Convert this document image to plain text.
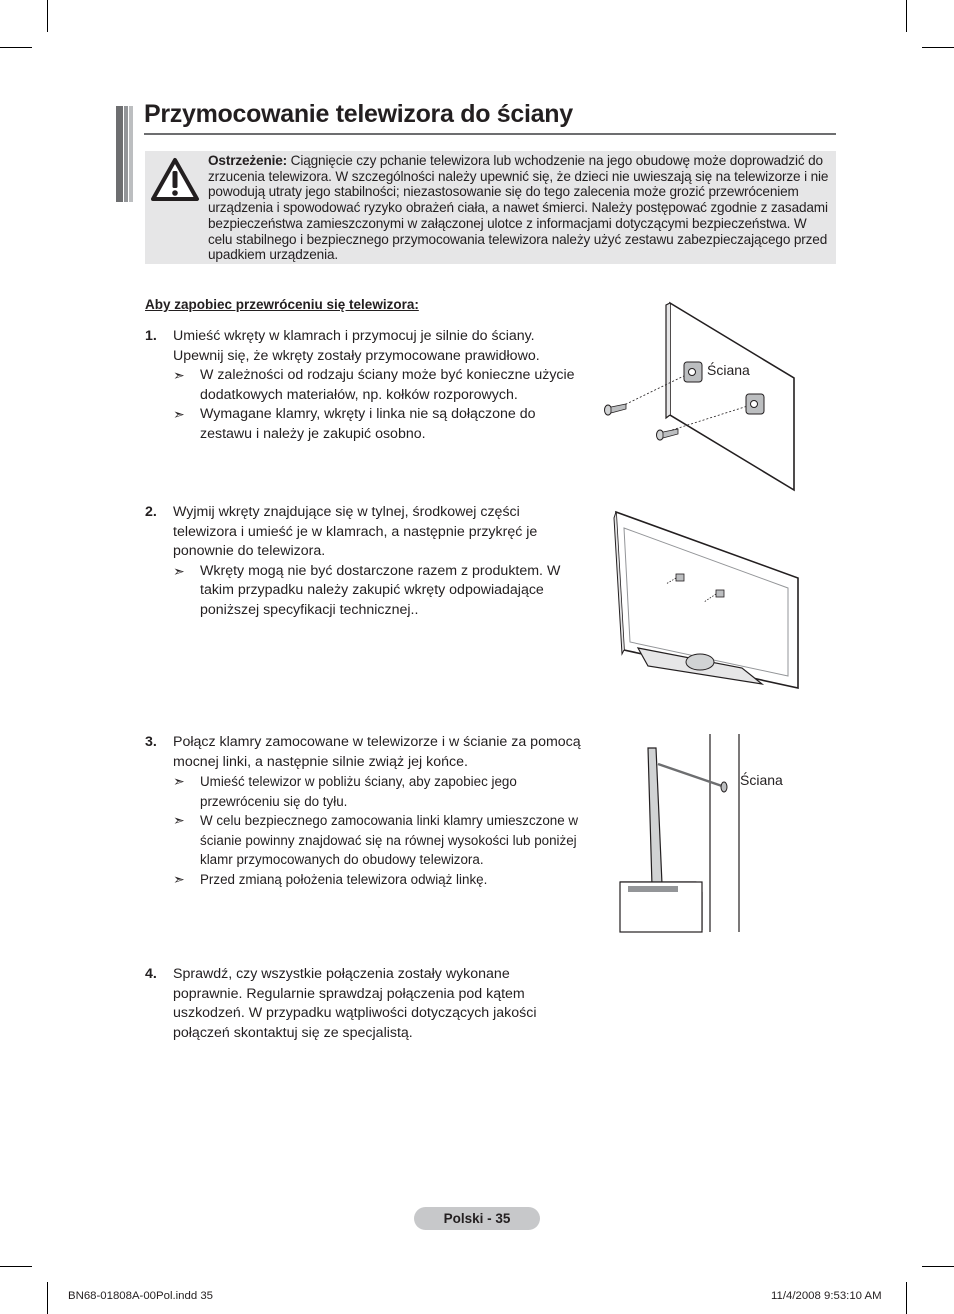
Przymocowanie telewizora do ściany
Ostrzeżenie: Ciągnięcie czy pchanie telewizora lub wchodzenie na jego obudowę może doprowadzić do zrzucenia telewizora. W szczególności należy upewnić się, że dzieci nie uwieszają się na telewizorze i nie powodują utraty jego stabilności; niezastosowanie się do tego zalecenia może grozić przewróceniem urządzenia i spowodować ryzyko obrażeń ciała, a nawet śmierci. Należy postępować zgodnie z zasadami bezpieczeństwa zamieszczonymi w załączonej ulotce z informacjami dotyczącymi bezpieczeństwa. W celu stabilnego i bezpiecznego przymocowania telewizora należy użyć zestawu zabezpieczającego przed upadkiem urządzenia.
Aby zapobiec przewróceniu się telewizora:
1. Umieść wkręty w klamrach i przymocuj je silnie do ściany. Upewnij się, że wkręty zostały przymocowane prawidłowo.
➣ W zależności od rodzaju ściany może być konieczne użycie dodatkowych materiałów, np. kołków rozporowych.
➣ Wymagane klamry, wkręty i linka nie są dołączone do zestawu i należy je zakupić osobno.
2. Wyjmij wkręty znajdujące się w tylnej, środkowej części telewizora i umieść je w klamrach, a następnie przykręć je ponownie do telewizora.
➣ Wkręty mogą nie być dostarczone razem z produktem. W takim przypadku należy zakupić wkręty odpowiadające poniższej specyfikacji technicznej..
3. Połącz klamry zamocowane w telewizorze i w ścianie za pomocą mocnej linki, a następnie silnie zwiąż jej końce.
➣ Umieść telewizor w pobliżu ściany, aby zapobiec jego przewróceniu się do tyłu.
➣ W celu bezpiecznego zamocowania linki klamry umieszczone w ścianie powinny znajdować się na równej wysokości lub poniżej klamr przymocowanych do obudowy telewizora.
➣ Przed zmianą położenia telewizora odwiąż linkę.
4. Sprawdź, czy wszystkie połączenia zostały wykonane poprawnie. Regularnie sprawdzaj połączenia pod kątem uszkodzeń. W przypadku wątpliwości dotyczących jakości połączeń skontaktuj się ze specjalistą.
Ściana
Ściana
Polski - 35
BN68-01808A-00Pol.indd 35	11/4/2008 9:53:10 AM
